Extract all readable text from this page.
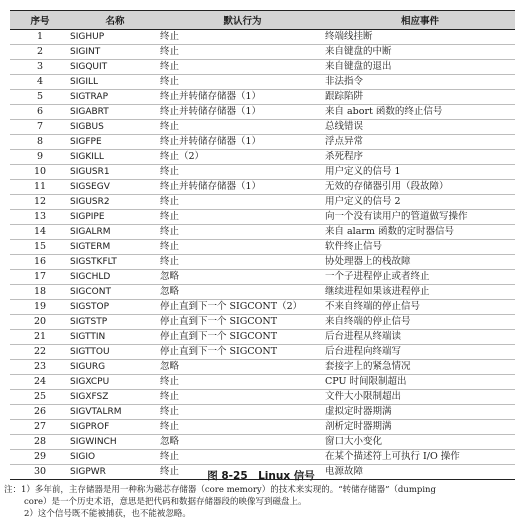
序号	名称	默认行为	相应事件
1	SIGHUP	终止	终端线挂断
2	SIGINT	终止	来自键盘的中断
3	SIGQUIT	终止	来自键盘的退出
4	SIGILL	终止	非法指令
5	SIGTRAP	终止并转储存储器（1）	跟踪陷阱
6	SIGABRT	终止并转储存储器（1）	来自 abort 函数的终止信号
7	SIGBUS	终止	总线错误
8	SIGFPE	终止并转储存储器（1）	浮点异常
9	SIGKILL	终止（2）	杀死程序
10	SIGUSR1	终止	用户定义的信号 1
11	SIGSEGV	终止并转储存储器（1）	无效的存储器引用（段故障）
12	SIGUSR2	终止	用户定义的信号 2
13	SIGPIPE	终止	向一个没有读用户的管道做写操作
14	SIGALRM	终止	来自 alarm 函数的定时器信号
15	SIGTERM	终止	软件终止信号
16	SIGSTKFLT	终止	协处理器上的栈故障
17	SIGCHLD	忽略	一个子进程停止或者终止
18	SIGCONT	忽略	继续进程如果该进程停止
19	SIGSTOP	停止直到下一个 SIGCONT（2）	不来自终端的停止信号
20	SIGTSTP	停止直到下一个 SIGCONT	来自终端的停止信号
21	SIGTTIN	停止直到下一个 SIGCONT	后台进程从终端读
22	SIGTTOU	停止直到下一个 SIGCONT	后台进程向终端写
23	SIGURG	忽略	套接字上的紧急情况
24	SIGXCPU	终止	CPU 时间限制超出
25	SIGXFSZ	终止	文件大小限制超出
26	SIGVTALRM	终止	虚拟定时器期满
27	SIGPROF	终止	剖析定时器期满
28	SIGWINCH	忽略	窗口大小变化
29	SIGIO	终止	在某个描述符上可执行 I/O 操作
30	SIGPWR	终止	电源故障
图 8-25　Linux 信号
注：1）多年前，主存储器是用一种称为磁芯存储器（core memory）的技术来实现的。“转储存储器”（dumping
core）是一个历史术语，意思是把代码和数据存储器段的映像写到磁盘上。
2）这个信号既不能被捕获，也不能被忽略。
